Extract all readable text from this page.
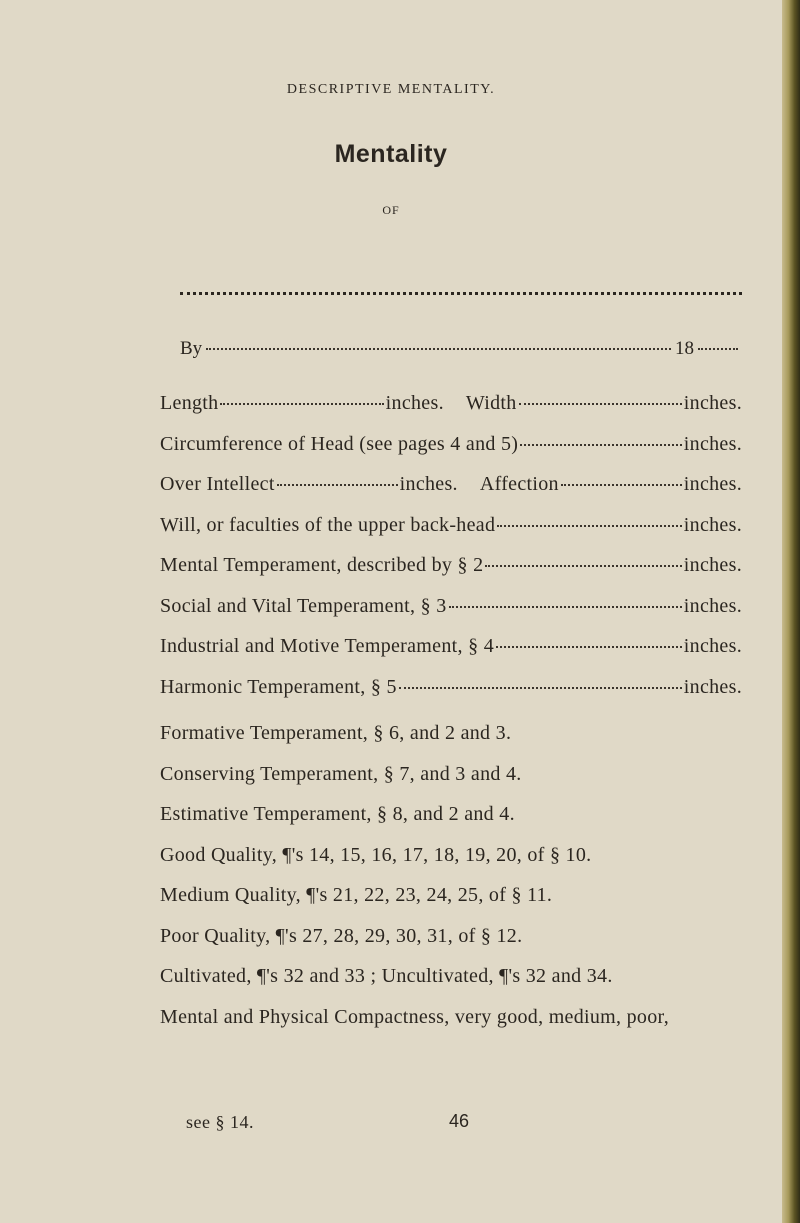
DESCRIPTIVE MENTALITY.
Mentality
OF
By	18
Length	inches. Width	inches.
Circumference of Head (see pages 4 and 5)	inches.
Over Intellect	inches. Affection	inches.
Will, or faculties of the upper back-head	inches.
Mental Temperament, described by § 2	inches.
Social and Vital Temperament, § 3	inches.
Industrial and Motive Temperament, § 4	inches.
Harmonic Temperament, § 5	inches.
Formative Temperament, § 6, and 2 and 3.
Conserving Temperament, § 7, and 3 and 4.
Estimative Temperament, § 8, and 2 and 4.
Good Quality, ¶'s 14, 15, 16, 17, 18, 19, 20, of § 10.
Medium Quality, ¶'s 21, 22, 23, 24, 25, of § 11.
Poor Quality, ¶'s 27, 28, 29, 30, 31, of § 12.
Cultivated, ¶'s 32 and 33 ; Uncultivated, ¶'s 32 and 34.
Mental and Physical Compactness, very good, medium, poor,
see § 14.	46
